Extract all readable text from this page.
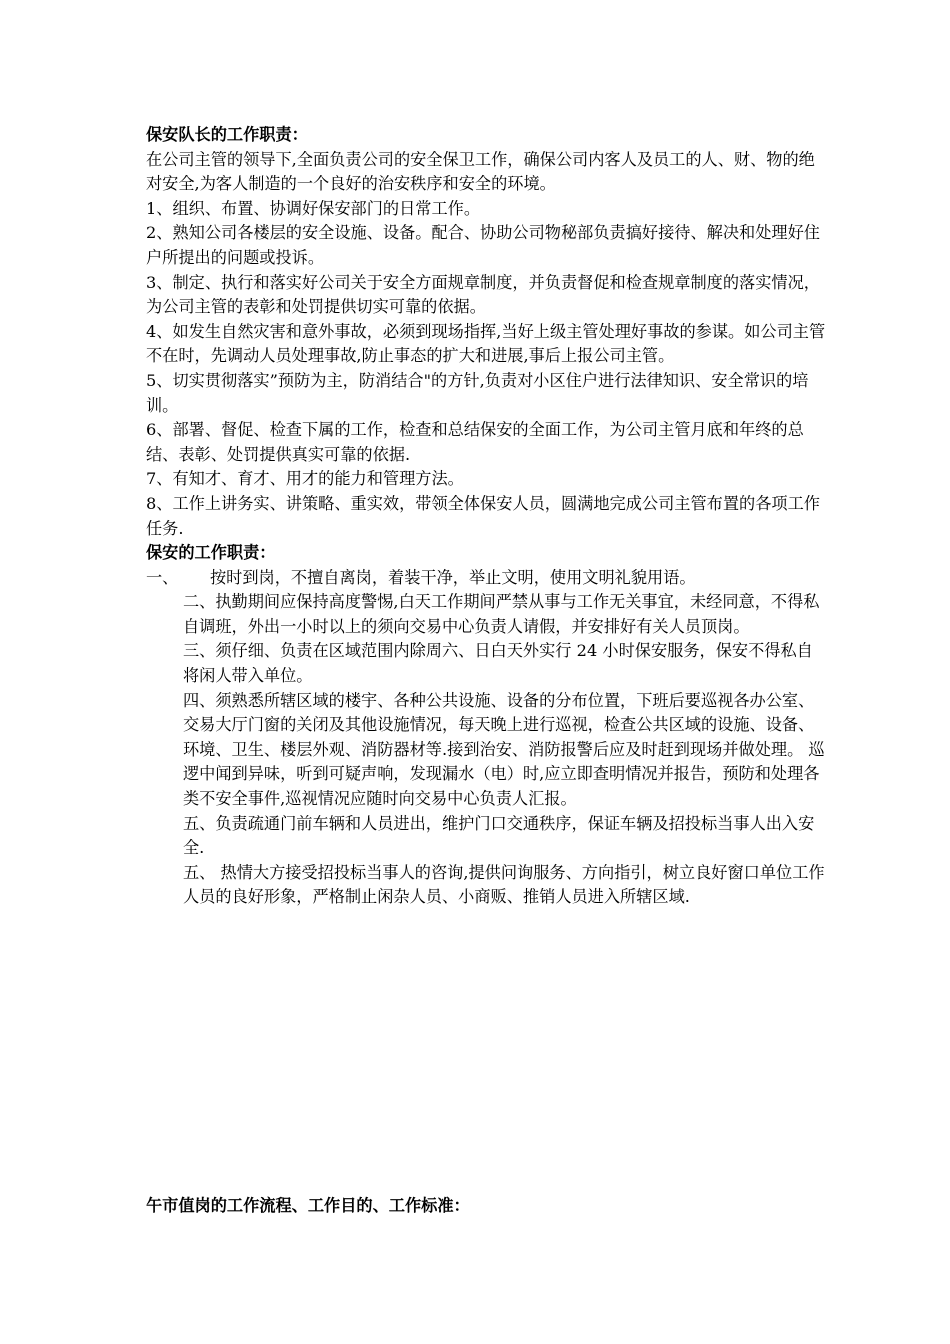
保安队长的工作职责：
在公司主管的领导下,全面负责公司的安全保卫工作，确保公司内客人及员工的人、财、物的绝对安全,为客人制造的一个良好的治安秩序和安全的环境。
1、组织、布置、协调好保安部门的日常工作。
2、熟知公司各楼层的安全设施、设备。配合、协助公司物秘部负责搞好接待、解决和处理好住户所提出的问题或投诉。
3、制定、执行和落实好公司关于安全方面规章制度，并负责督促和检查规章制度的落实情况，为公司主管的表彰和处罚提供切实可靠的依据。
4、如发生自然灾害和意外事故，必须到现场指挥,当好上级主管处理好事故的参谋。如公司主管不在时，先调动人员处理事故,防止事态的扩大和进展,事后上报公司主管。
5、切实贯彻落实”预防为主，防消结合"的方针,负责对小区住户进行法律知识、安全常识的培训。
6、部署、督促、检查下属的工作，检查和总结保安的全面工作，为公司主管月底和年终的总结、表彰、处罚提供真实可靠的依据.
7、有知才、育才、用才的能力和管理方法。
8、工作上讲务实、讲策略、重实效，带领全体保安人员，圆满地完成公司主管布置的各项工作任务.
保安的工作职责：
一、 按时到岗，不擅自离岗，着装干净，举止文明，使用文明礼貌用语。
二、执勤期间应保持高度警惕,白天工作期间严禁从事与工作无关事宜，未经同意，不得私自调班，外出一小时以上的须向交易中心负责人请假，并安排好有关人员顶岗。
三、须仔细、负责在区域范围内除周六、日白天外实行 24 小时保安服务，保安不得私自将闲人带入单位。
四、须熟悉所辖区域的楼宇、各种公共设施、设备的分布位置，下班后要巡视各办公室、交易大厅门窗的关闭及其他设施情况，每天晚上进行巡视，检查公共区域的设施、设备、环境、卫生、楼层外观、消防器材等.接到治安、消防报警后应及时赶到现场并做处理。 巡逻中闻到异味，听到可疑声响，发现漏水（电）时,应立即查明情况并报告，预防和处理各类不安全事件,巡视情况应随时向交易中心负责人汇报。
五、负责疏通门前车辆和人员进出，维护门口交通秩序，保证车辆及招投标当事人出入安全.
五、 热情大方接受招投标当事人的咨询,提供问询服务、方向指引，树立良好窗口单位工作人员的良好形象，严格制止闲杂人员、小商贩、推销人员进入所辖区域.
午市值岗的工作流程、工作目的、工作标准：
